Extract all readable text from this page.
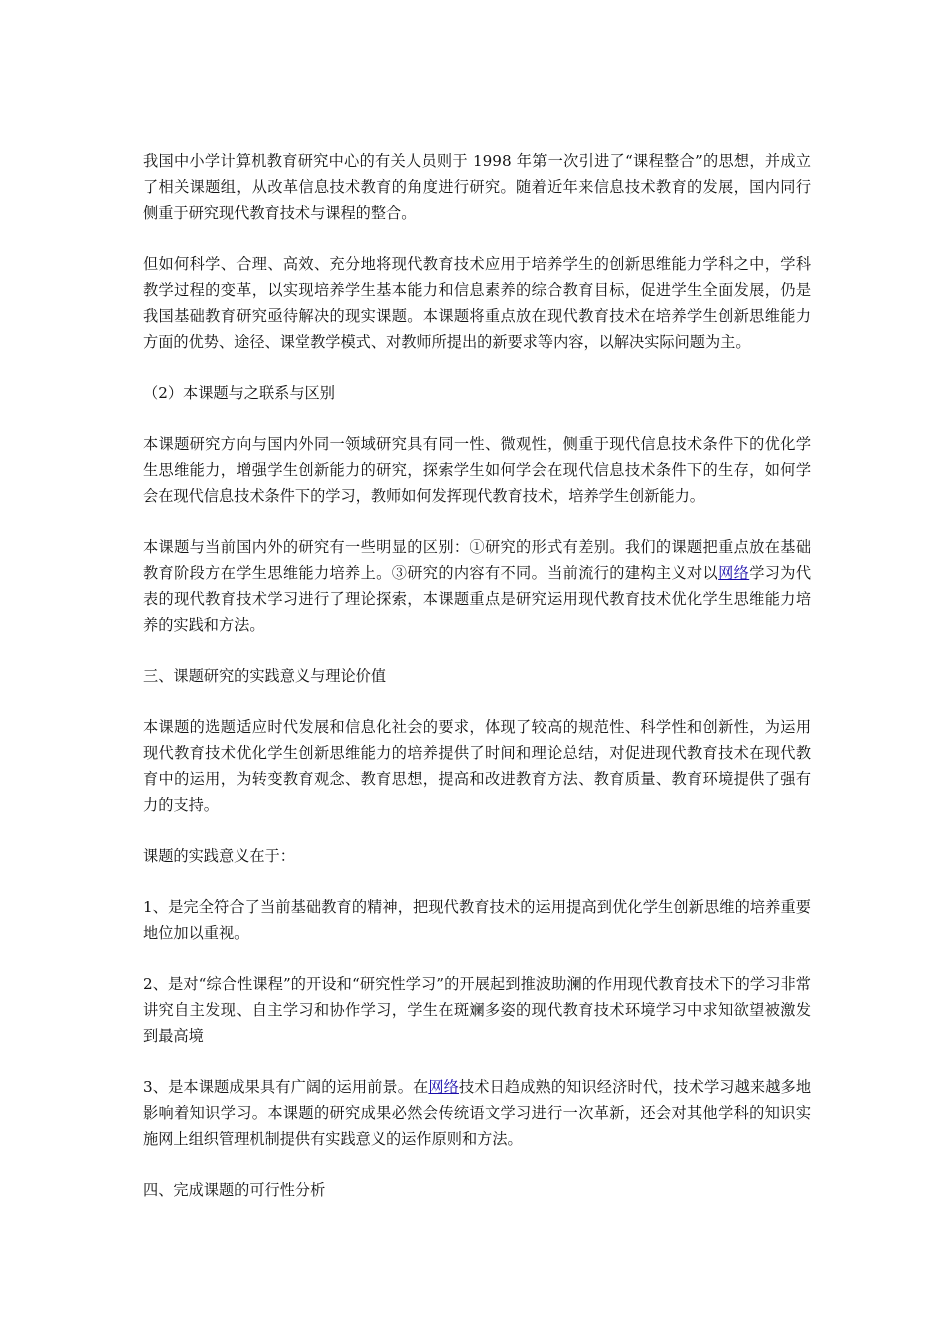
我国中小学计算机教育研究中心的有关人员则于 1998 年第一次引进了“课程整合”的思想，并成立了相关课题组，从改革信息技术教育的角度进行研究。随着近年来信息技术教育的发展，国内同行侧重于研究现代教育技术与课程的整合。

但如何科学、合理、高效、充分地将现代教育技术应用于培养学生的创新思维能力学科之中，学科教学过程的变革，以实现培养学生基本能力和信息素养的综合教育目标，促进学生全面发展，仍是我国基础教育研究亟待解决的现实课题。本课题将重点放在现代教育技术在培养学生创新思维能力方面的优势、途径、课堂教学模式、对教师所提出的新要求等内容，以解决实际问题为主。

（2）本课题与之联系与区别

本课题研究方向与国内外同一领域研究具有同一性、微观性，侧重于现代信息技术条件下的优化学生思维能力，增强学生创新能力的研究，探索学生如何学会在现代信息技术条件下的生存，如何学会在现代信息技术条件下的学习，教师如何发挥现代教育技术，培养学生创新能力。

本课题与当前国内外的研究有一些明显的区别：①研究的形式有差别。我们的课题把重点放在基础教育阶段方在学生思维能力培养上。③研究的内容有不同。当前流行的建构主义对以网络学习为代表的现代教育技术学习进行了理论探索，本课题重点是研究运用现代教育技术优化学生思维能力培养的实践和方法。

三、课题研究的实践意义与理论价值

本课题的选题适应时代发展和信息化社会的要求，体现了较高的规范性、科学性和创新性，为运用现代教育技术优化学生创新思维能力的培养提供了时间和理论总结，对促进现代教育技术在现代教育中的运用，为转变教育观念、教育思想，提高和改进教育方法、教育质量、教育环境提供了强有力的支持。

课题的实践意义在于：

1、是完全符合了当前基础教育的精神，把现代教育技术的运用提高到优化学生创新思维的培养重要地位加以重视。

2、是对“综合性课程”的开设和“研究性学习”的开展起到推波助澜的作用现代教育技术下的学习非常讲究自主发现、自主学习和协作学习，学生在斑斓多姿的现代教育技术环境学习中求知欲望被激发到最高境

3、是本课题成果具有广阔的运用前景。在网络技术日趋成熟的知识经济时代，技术学习越来越多地影响着知识学习。本课题的研究成果必然会传统语文学习进行一次革新，还会对其他学科的知识实施网上组织管理机制提供有实践意义的运作原则和方法。

四、完成课题的可行性分析
